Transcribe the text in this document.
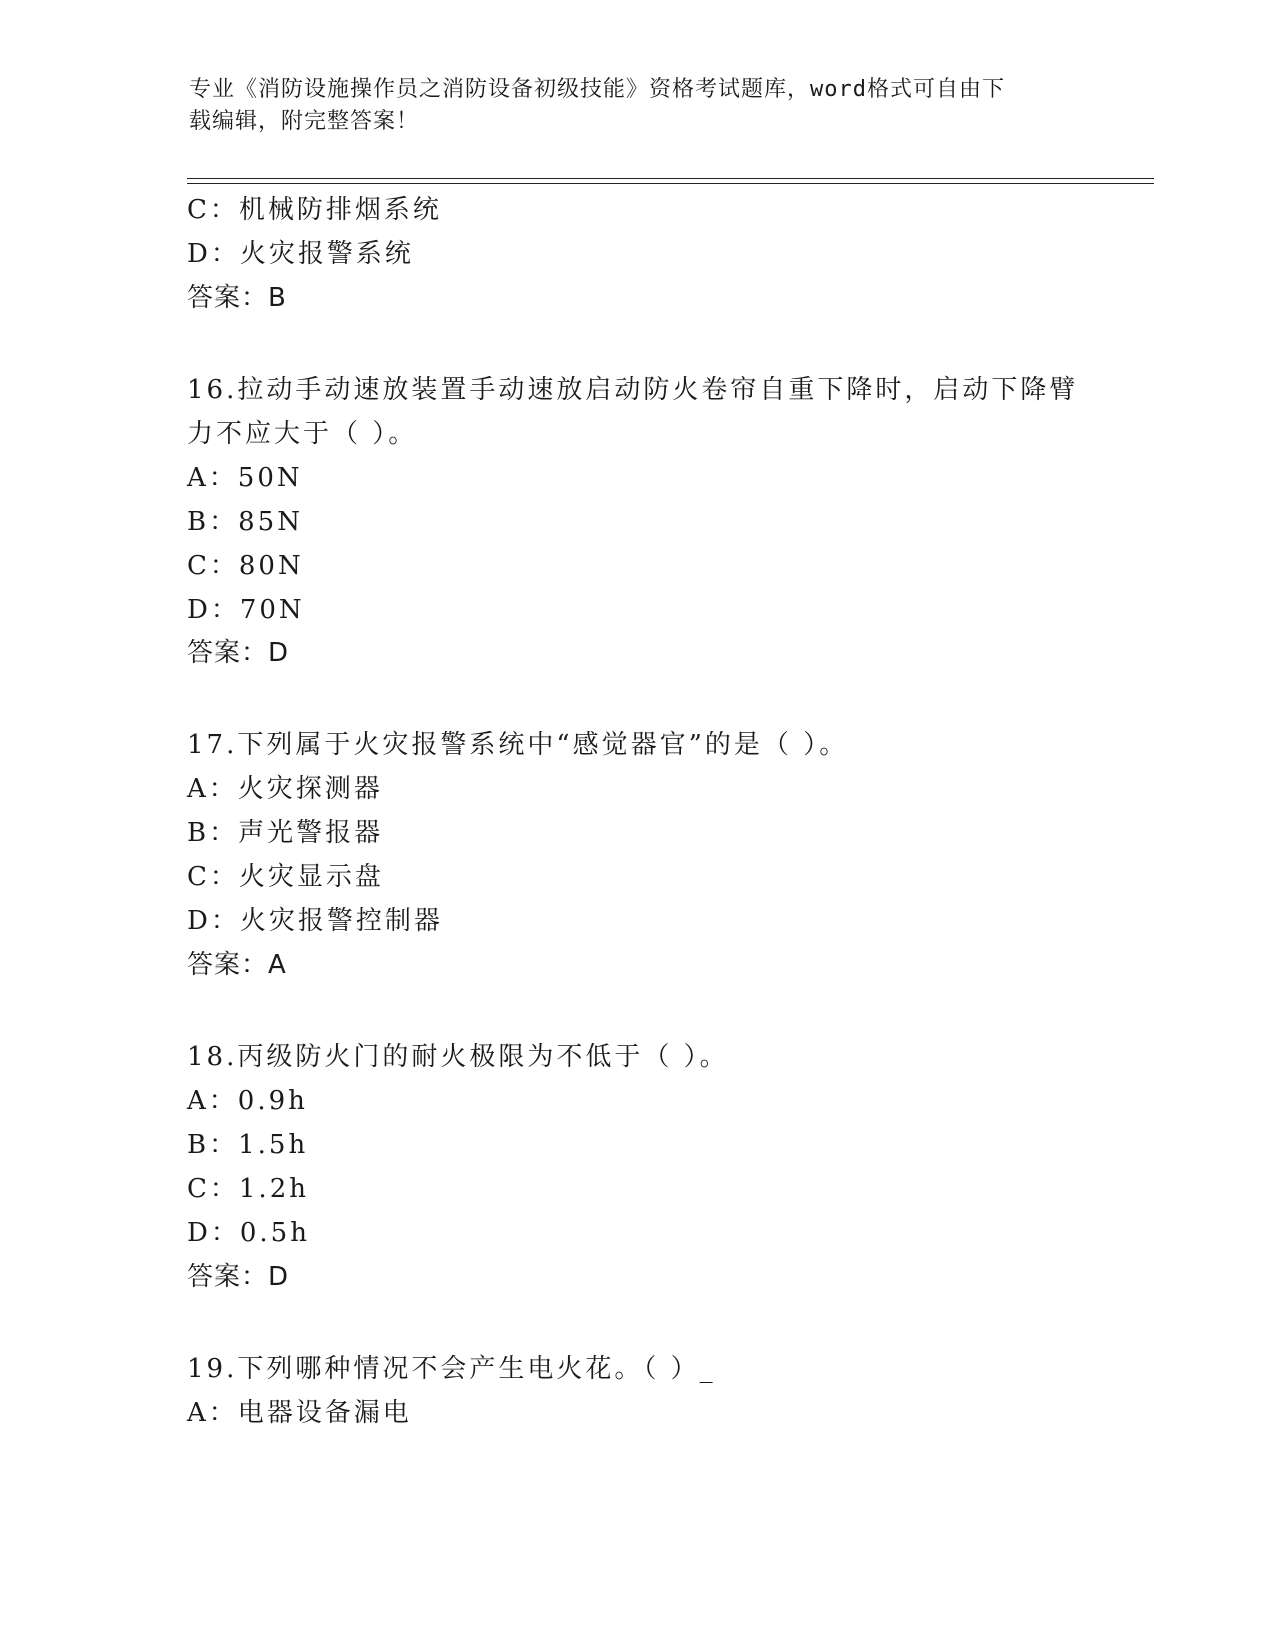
专业《消防设施操作员之消防设备初级技能》资格考试题库，word格式可自由下
载编辑，附完整答案！
C：机械防排烟系统
D：火灾报警系统
答案：B
16.拉动手动速放装置手动速放启动防火卷帘自重下降时，启动下降臂
力不应大于（ ）。
A：50N
B：85N
C：80N
D：70N
答案：D
17.下列属于火灾报警系统中“感觉器官”的是（ ）。
A：火灾探测器
B：声光警报器
C：火灾显示盘
D：火灾报警控制器
答案：A
18.丙级防火门的耐火极限为不低于（ ）。
A：0.9h
B：1.5h
C：1.2h
D：0.5h
答案：D
19.下列哪种情况不会产生电火花。（ ）_
A：电器设备漏电
